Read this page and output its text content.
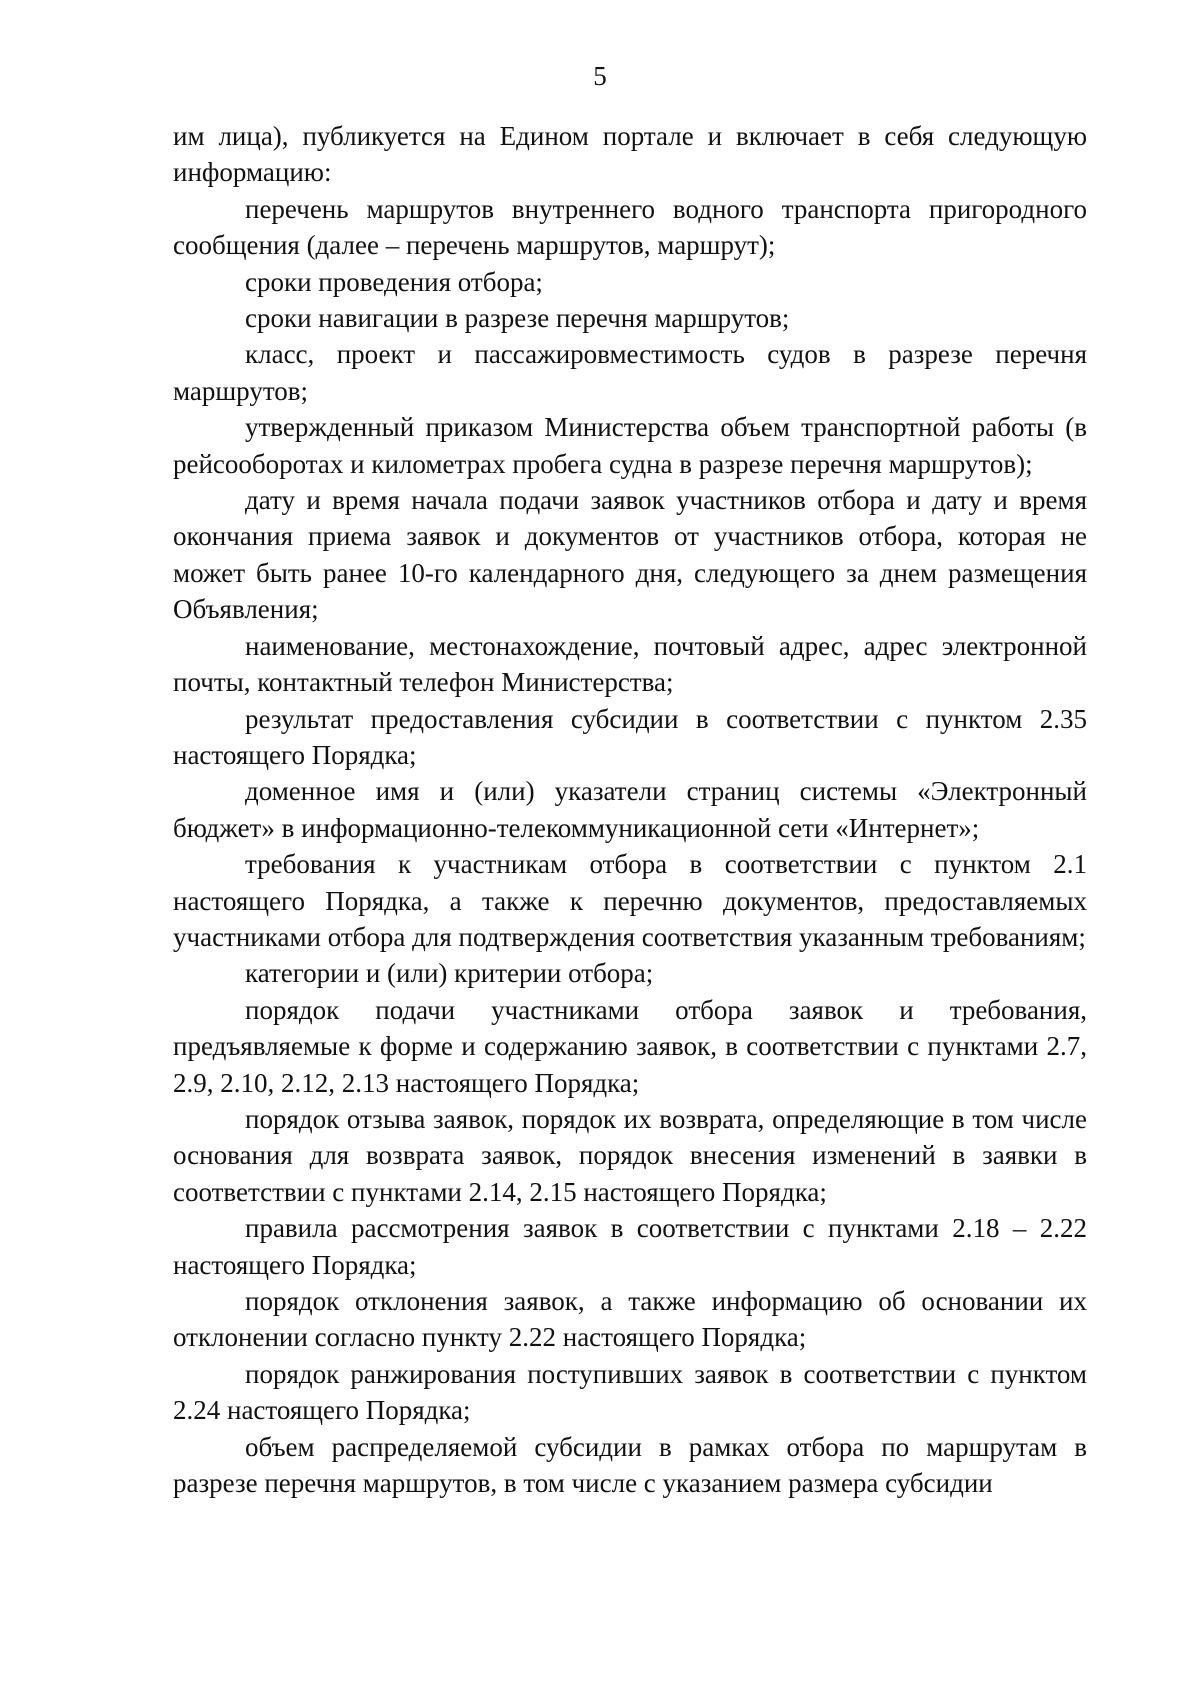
5

им лица), публикуется на Едином портале и включает в себя следующую информацию:

перечень маршрутов внутреннего водного транспорта пригородного сообщения (далее – перечень маршрутов, маршрут);

сроки проведения отбора;

сроки навигации в разрезе перечня маршрутов;

класс, проект и пассажировместимость судов в разрезе перечня маршрутов;

утвержденный приказом Министерства объем транспортной работы (в рейсооборотах и километрах пробега судна в разрезе перечня маршрутов);

дату и время начала подачи заявок участников отбора и дату и время окончания приема заявок и документов от участников отбора, которая не может быть ранее 10-го календарного дня, следующего за днем размещения Объявления;

наименование, местонахождение, почтовый адрес, адрес электронной почты, контактный телефон Министерства;

результат предоставления субсидии в соответствии с пунктом 2.35 настоящего Порядка;

доменное имя и (или) указатели страниц системы «Электронный бюджет» в информационно-телекоммуникационной сети «Интернет»;

требования к участникам отбора в соответствии с пунктом 2.1 настоящего Порядка, а также к перечню документов, предоставляемых участниками отбора для подтверждения соответствия указанным требованиям;

категории и (или) критерии отбора;

порядок подачи участниками отбора заявок и требования, предъявляемые к форме и содержанию заявок, в соответствии с пунктами 2.7, 2.9, 2.10, 2.12, 2.13 настоящего Порядка;

порядок отзыва заявок, порядок их возврата, определяющие в том числе основания для возврата заявок, порядок внесения изменений в заявки в соответствии с пунктами 2.14, 2.15 настоящего Порядка;

правила рассмотрения заявок в соответствии с пунктами 2.18 – 2.22 настоящего Порядка;

порядок отклонения заявок, а также информацию об основании их отклонении согласно пункту 2.22 настоящего Порядка;

порядок ранжирования поступивших заявок в соответствии с пунктом 2.24 настоящего Порядка;

объем распределяемой субсидии в рамках отбора по маршрутам в разрезе перечня маршрутов, в том числе с указанием размера субсидии
